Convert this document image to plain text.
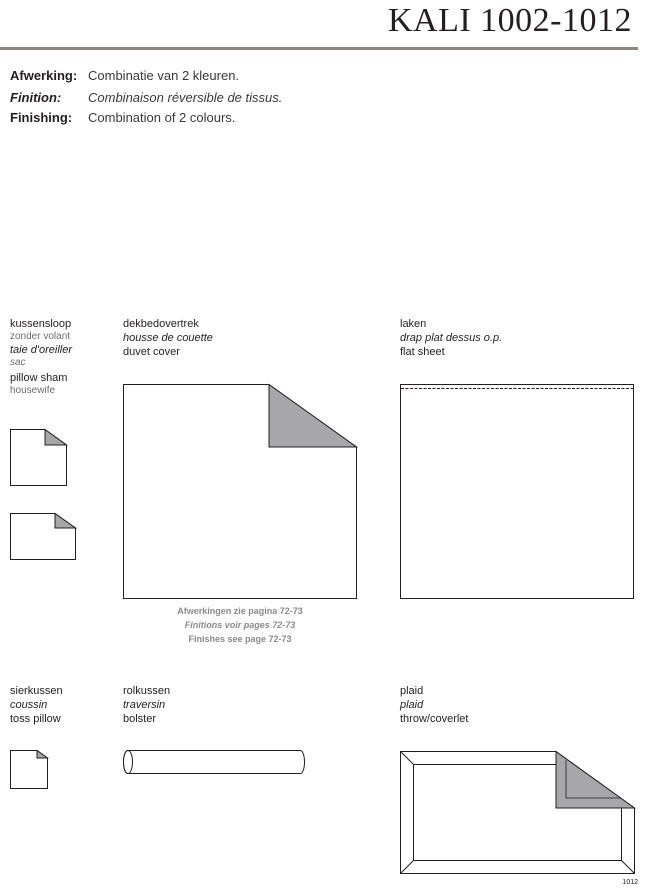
KALI 1002-1012
Afwerking: Combinatie van 2 kleuren.
Finition: Combinaison réversible de tissus.
Finishing: Combination of 2 colours.
kussensloop
zonder volant
taie d'oreiller
sac
pillow sham
housewife
dekbedovertrek
housse de couette
duvet cover
Afwerkingen zie pagina 72-73
Finitions voir pages 72-73
Finishes see page 72-73
laken
drap plat dessus o.p.
flat sheet
sierkussen
coussin
toss pillow
rolkussen
traversin
bolster
plaid
plaid
throw/coverlet
1012
